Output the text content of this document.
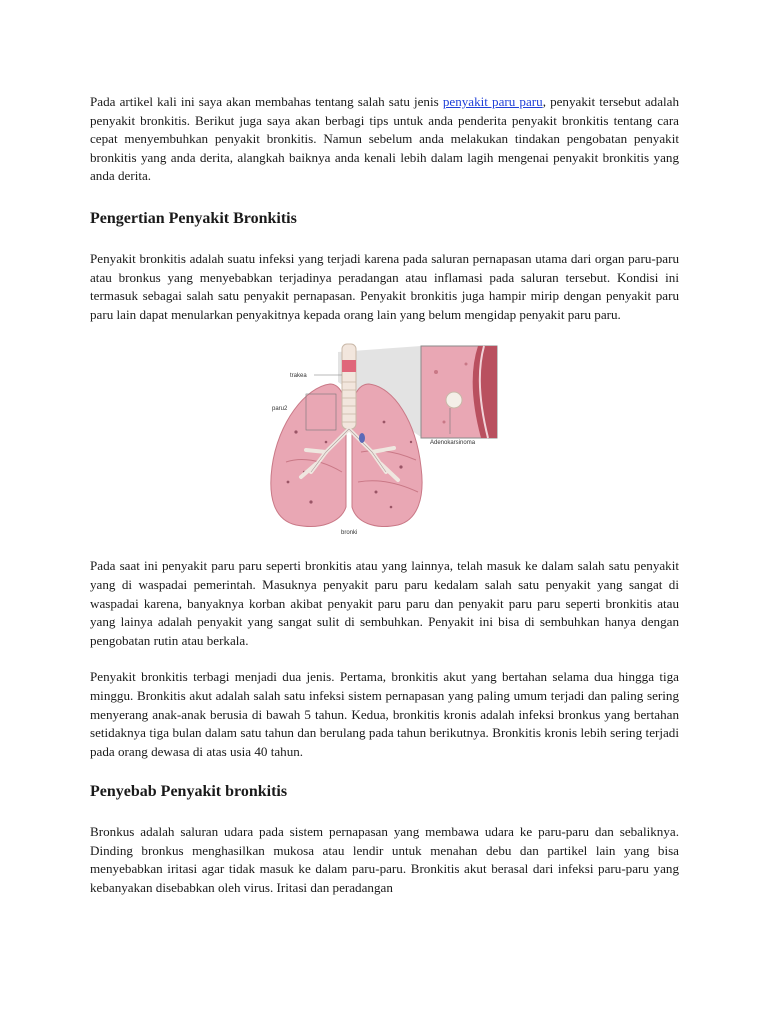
Pada artikel kali ini saya akan membahas tentang salah satu jenis penyakit paru paru, penyakit tersebut adalah penyakit bronkitis. Berikut juga saya akan berbagi tips untuk anda penderita penyakit bronkitis tentang cara cepat menyembuhkan penyakit bronkitis. Namun sebelum anda melakukan tindakan pengobatan penyakit bronkitis yang anda derita, alangkah baiknya anda kenali lebih dalam lagih mengenai penyakit bronkitis yang anda derita.

Pengertian Penyakit Bronkitis

Penyakit bronkitis adalah suatu infeksi yang terjadi karena pada saluran pernapasan utama dari organ paru-paru atau bronkus yang menyebabkan terjadinya peradangan atau inflamasi pada saluran tersebut. Kondisi ini termasuk sebagai salah satu penyakit pernapasan. Penyakit bronkitis juga hampir mirip dengan penyakit paru paru lain dapat menularkan penyakitnya kepada orang lain yang belum mengidap penyakit paru paru.

trakea
paru2
Adenokarsinoma
bronki

Pada saat ini penyakit paru paru seperti bronkitis atau yang lainnya, telah masuk ke dalam salah satu penyakit yang di waspadai pemerintah. Masuknya penyakit paru paru kedalam salah satu penyakit yang sangat di waspadai karena, banyaknya korban akibat penyakit paru paru dan penyakit paru paru seperti bronkitis atau yang lainya adalah penyakit yang sangat sulit di sembuhkan. Penyakit ini bisa di sembuhkan hanya dengan pengobatan rutin atau berkala.

Penyakit bronkitis terbagi menjadi dua jenis. Pertama, bronkitis akut yang bertahan selama dua hingga tiga minggu. Bronkitis akut adalah salah satu infeksi sistem pernapasan yang paling umum terjadi dan paling sering menyerang anak-anak berusia di bawah 5 tahun. Kedua, bronkitis kronis adalah infeksi bronkus yang bertahan setidaknya tiga bulan dalam satu tahun dan berulang pada tahun berikutnya. Bronkitis kronis lebih sering terjadi pada orang dewasa di atas usia 40 tahun.

Penyebab Penyakit bronkitis

Bronkus adalah saluran udara pada sistem pernapasan yang membawa udara ke paru-paru dan sebaliknya. Dinding bronkus menghasilkan mukosa atau lendir untuk menahan debu dan partikel lain yang bisa menyebabkan iritasi agar tidak masuk ke dalam paru-paru. Bronkitis akut berasal dari infeksi paru-paru yang kebanyakan disebabkan oleh virus. Iritasi dan peradangan
